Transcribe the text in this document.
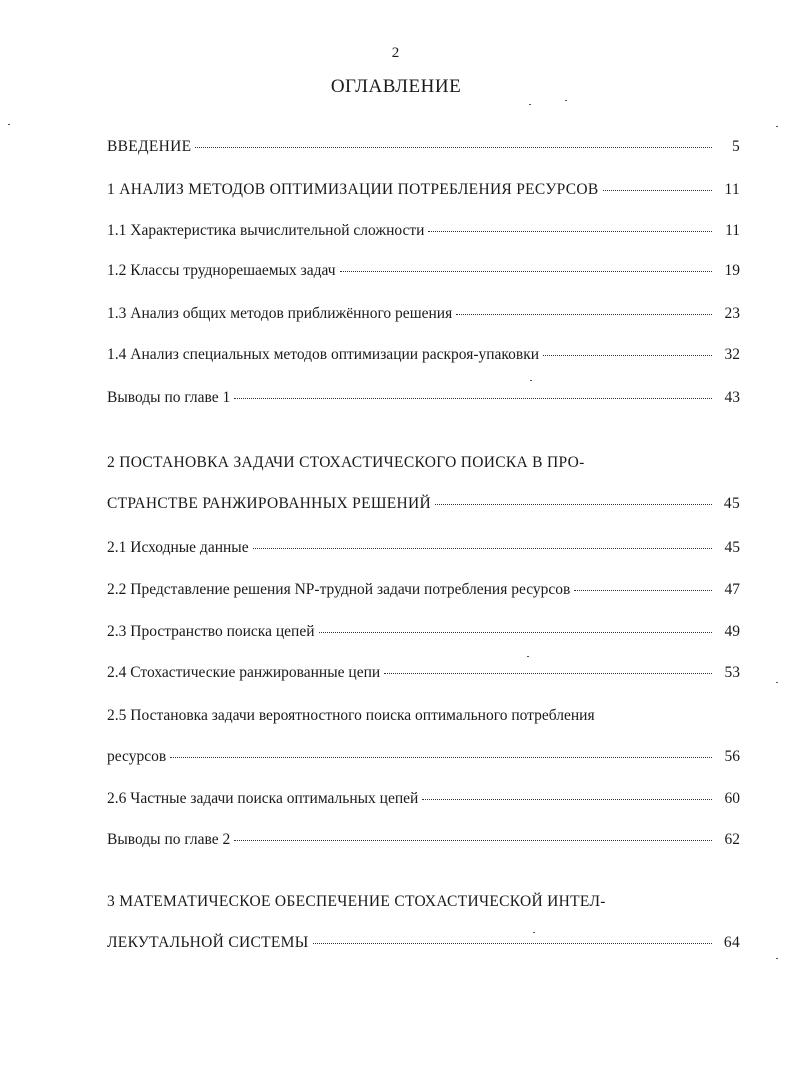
2
ОГЛАВЛЕНИЕ
ВВЕДЕНИЕ	5
1 АНАЛИЗ МЕТОДОВ ОПТИМИЗАЦИИ ПОТРЕБЛЕНИЯ РЕСУРСОВ	11
1.1 Характеристика вычислительной сложности	11
1.2 Классы труднорешаемых задач	19
1.3 Анализ общих методов приближённого решения	23
1.4 Анализ специальных методов оптимизации раскроя-упаковки	32
Выводы по главе 1	43
2 ПОСТАНОВКА ЗАДАЧИ СТОХАСТИЧЕСКОГО ПОИСКА В ПРО-
СТРАНСТВЕ РАНЖИРОВАННЫХ РЕШЕНИЙ	45
2.1 Исходные данные	45
2.2 Представление решения NP-трудной задачи потребления ресурсов	47
2.3 Пространство поиска цепей	49
2.4 Стохастические ранжированные цепи	53
2.5 Постановка задачи вероятностного поиска оптимального потребления
ресурсов	56
2.6 Частные задачи поиска оптимальных цепей	60
Выводы по главе 2	62
3 МАТЕМАТИЧЕСКОЕ ОБЕСПЕЧЕНИЕ СТОХАСТИЧЕСКОЙ ИНТЕЛ-
ЛЕКУТАЛЬНОЙ СИСТЕМЫ	64
